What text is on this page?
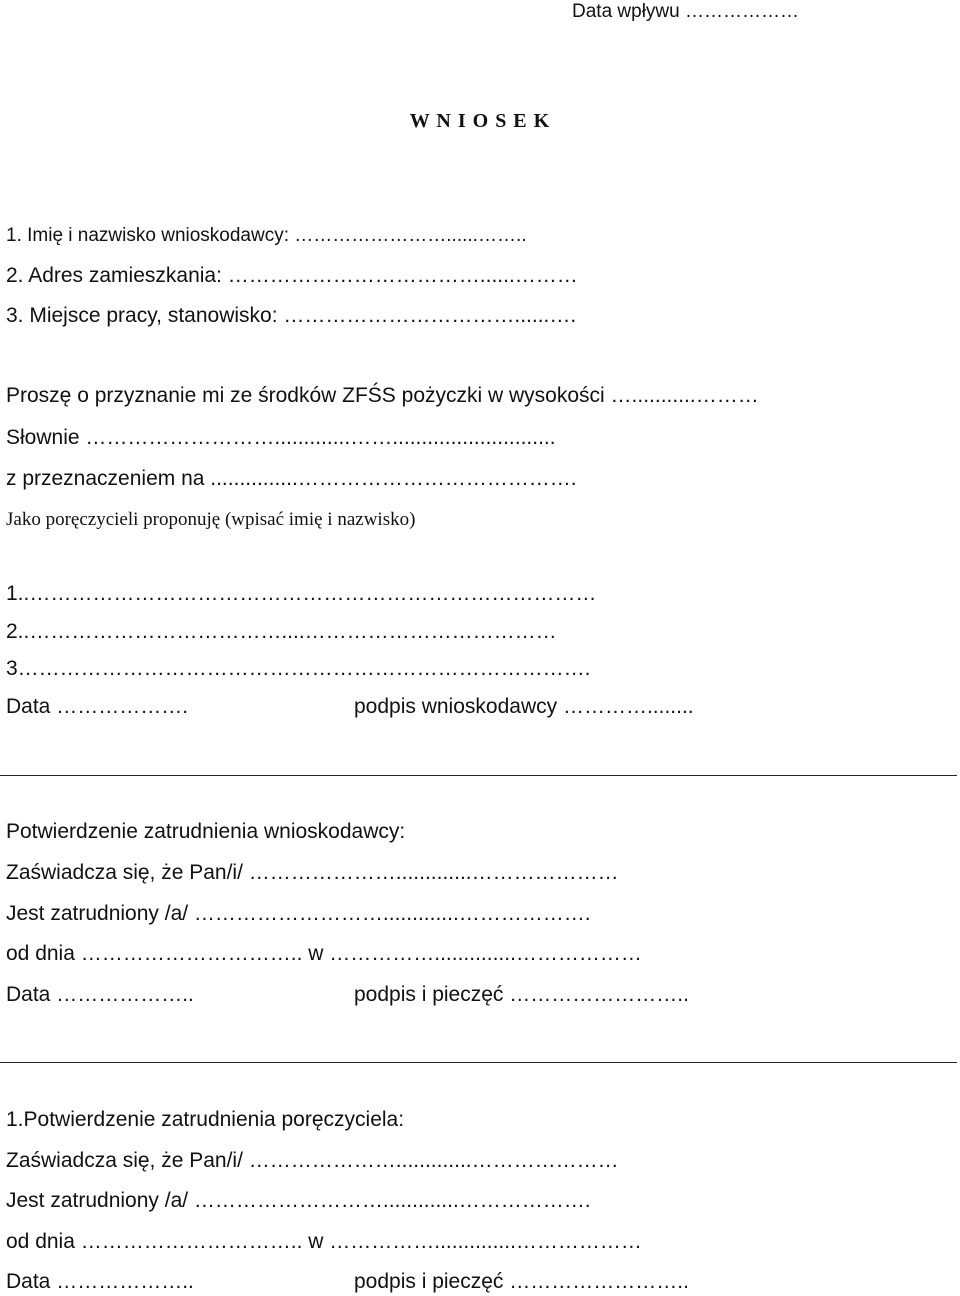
Data wpływu ………………
W N I O S E K
1. Imię i nazwisko wnioskodawcy: ……………………......……..
2. Adres zamieszkania: ………………………………......………
3. Miejsce pracy, stanowisko: ……………………………......….
Proszę o przyznanie mi ze środków ZFŚS pożyczki w wysokości …...........………
Słownie ……………………….............……............................
z przeznaczeniem na ...............………………………………….
Jako poręczycieli proponuję (wpisać imię i nazwisko)
1..………………………………………………………………………
2..………………………………....………………………………
3……………………………………………………………………….
Data ……………….	podpis wnioskodawcy …………........
Potwierdzenie zatrudnienia wnioskodawcy:
Zaświadcza się, że Pan/i/ ………………….............…………………
Jest zatrudniony /a/ ……………………….............……………….
od dnia ………………………….. w ……………..............………………
Data ………………..	podpis i pieczęć ……………………..
1.Potwierdzenie zatrudnienia poręczyciela:
Zaświadcza się, że Pan/i/ ………………….............…………………
Jest zatrudniony /a/ ……………………….............……………….
od dnia ………………………….. w ……………..............………………
Data ………………..	podpis i pieczęć ……………………..
